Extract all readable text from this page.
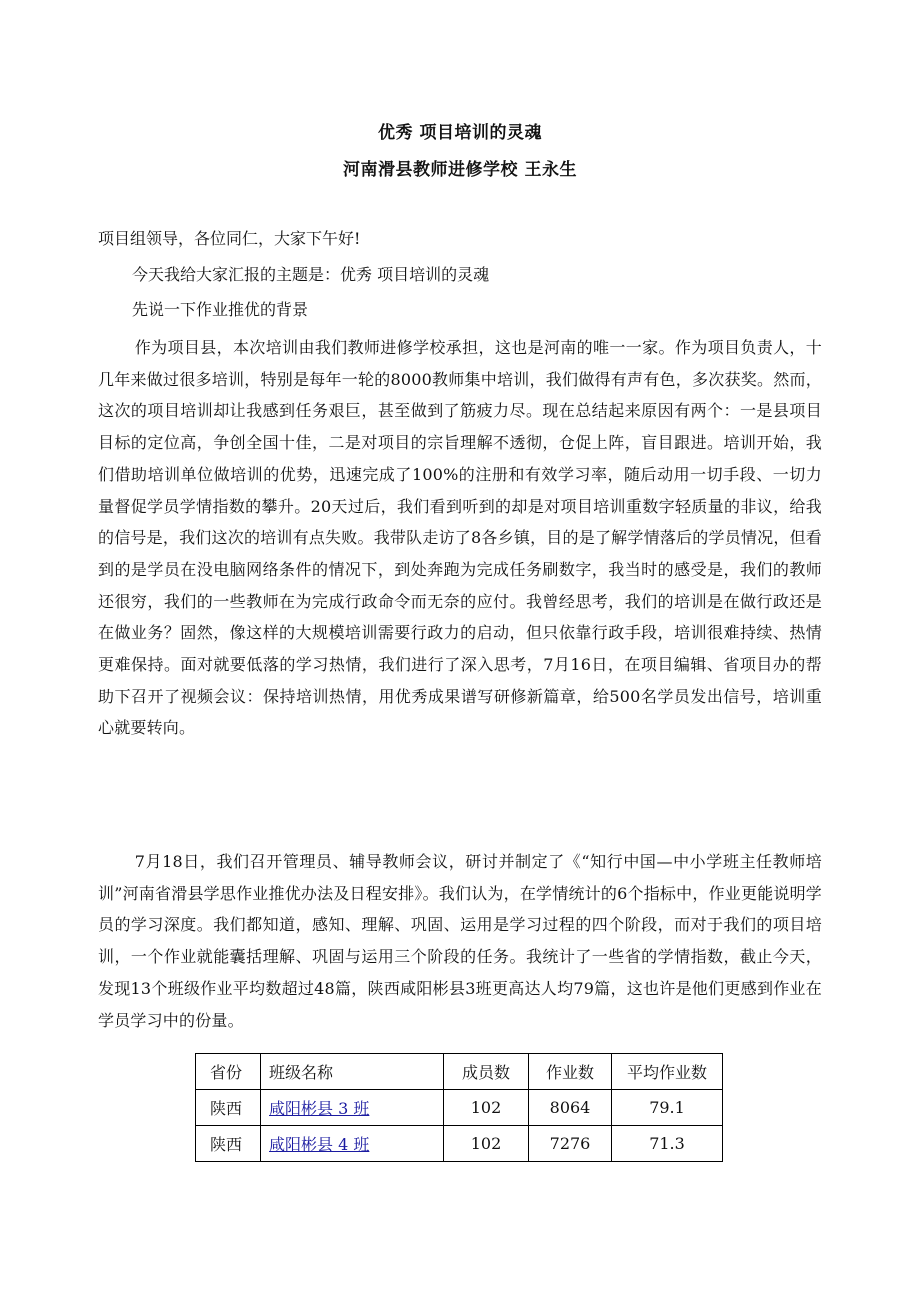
优秀 项目培训的灵魂
河南滑县教师进修学校 王永生
项目组领导，各位同仁，大家下午好!
今天我给大家汇报的主题是：优秀 项目培训的灵魂
先说一下作业推优的背景
作为项目县，本次培训由我们教师进修学校承担，这也是河南的唯一一家。作为项目负责人，十几年来做过很多培训，特别是每年一轮的8000教师集中培训，我们做得有声有色，多次获奖。然而，这次的项目培训却让我感到任务艰巨，甚至做到了筋疲力尽。现在总结起来原因有两个：一是县项目目标的定位高，争创全国十佳，二是对项目的宗旨理解不透彻，仓促上阵，盲目跟进。培训开始，我们借助培训单位做培训的优势，迅速完成了100%的注册和有效学习率，随后动用一切手段、一切力量督促学员学情指数的攀升。20天过后，我们看到听到的却是对项目培训重数字轻质量的非议，给我的信号是，我们这次的培训有点失败。我带队走访了8各乡镇，目的是了解学情落后的学员情况，但看到的是学员在没电脑网络条件的情况下，到处奔跑为完成任务刷数字，我当时的感受是，我们的教师还很穷，我们的一些教师在为完成行政命令而无奈的应付。我曾经思考，我们的培训是在做行政还是在做业务？固然，像这样的大规模培训需要行政力的启动，但只依靠行政手段，培训很难持续、热情更难保持。面对就要低落的学习热情，我们进行了深入思考，7月16日，在项目编辑、省项目办的帮助下召开了视频会议：保持培训热情，用优秀成果谱写研修新篇章，给500名学员发出信号，培训重心就要转向。
7月18日，我们召开管理员、辅导教师会议，研讨并制定了《“知行中国—中小学班主任教师培训”河南省滑县学思作业推优办法及日程安排》。我们认为，在学情统计的6个指标中，作业更能说明学员的学习深度。我们都知道，感知、理解、巩固、运用是学习过程的四个阶段，而对于我们的项目培训，一个作业就能囊括理解、巩固与运用三个阶段的任务。我统计了一些省的学情指数，截止今天，发现13个班级作业平均数超过48篇，陕西咸阳彬县3班更高达人均79篇，这也许是他们更感到作业在学员学习中的份量。
省份	班级名称	成员数	作业数	平均作业数
陕西	咸阳彬县 3 班	102	8064	79.1
陕西	咸阳彬县 4 班	102	7276	71.3
